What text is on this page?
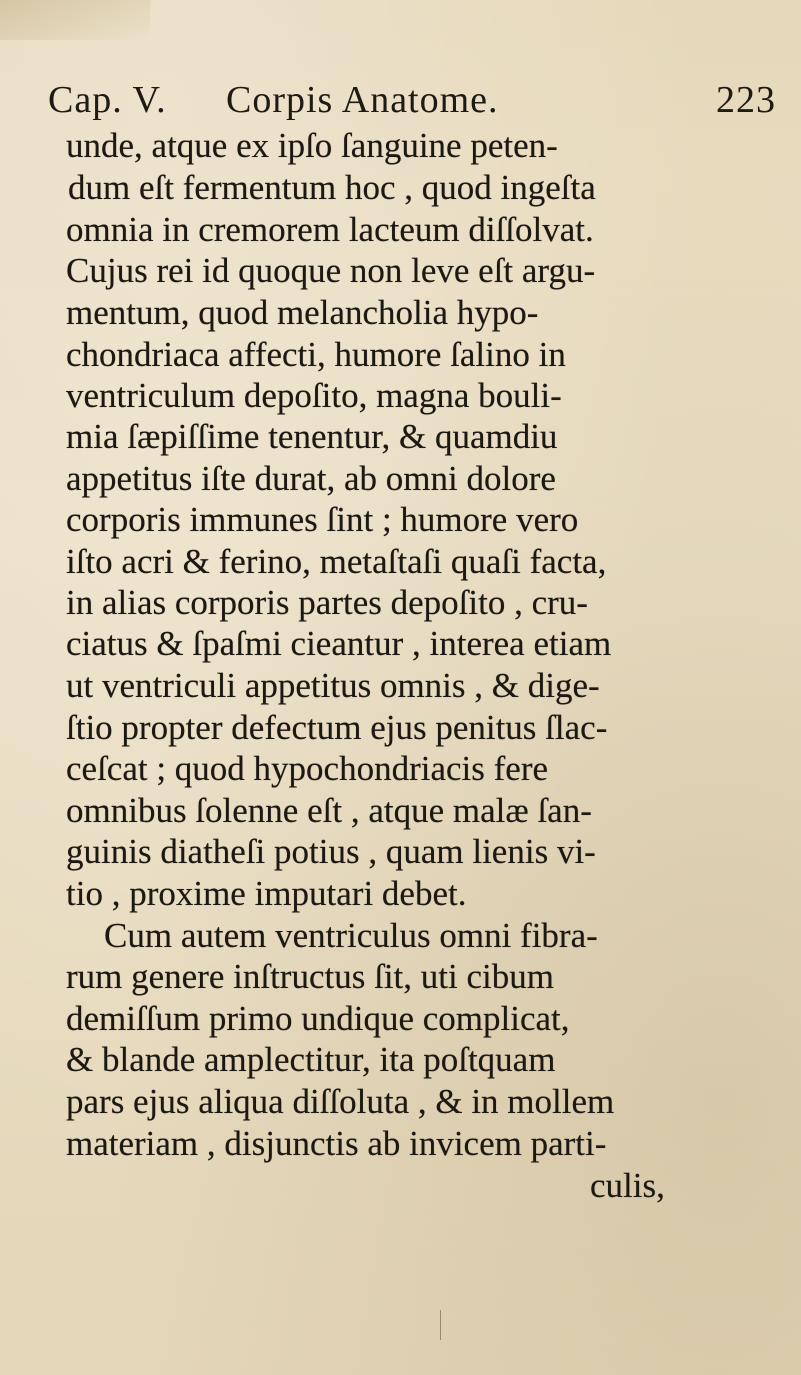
Cap. V.	Corpis Anatome.	223
unde, atque ex ipſo ſanguine peten-
dum eſt fermentum hoc , quod ingeſta
omnia in cremorem lacteum diſſolvat.
Cujus rei id quoque non leve eſt argu-
mentum, quod melancholia hypo-
chondriaca affecti, humore ſalino in
ventriculum depoſito, magna bouli-
mia ſæpiſſime tenentur, & quamdiu
appetitus iſte durat, ab omni dolore
corporis immunes ſint ; humore vero
iſto acri & ferino, metaſtaſi quaſi facta,
in alias corporis partes depoſito , cru-
ciatus & ſpaſmi cieantur , interea etiam
ut ventriculi appetitus omnis , & dige-
ſtio propter defectum ejus penitus ſlac-
ceſcat ; quod hypochondriacis fere
omnibus ſolenne eſt , atque malæ ſan-
guinis diatheſi potius , quam lienis vi-
tio , proxime imputari debet.
Cum autem ventriculus omni fibra-
rum genere inſtructus ſit, uti cibum
demiſſum primo undique complicat,
& blande amplectitur, ita poſtquam
pars ejus aliqua diſſoluta , & in mollem
materiam , disjunctis ab invicem parti-
culis,
